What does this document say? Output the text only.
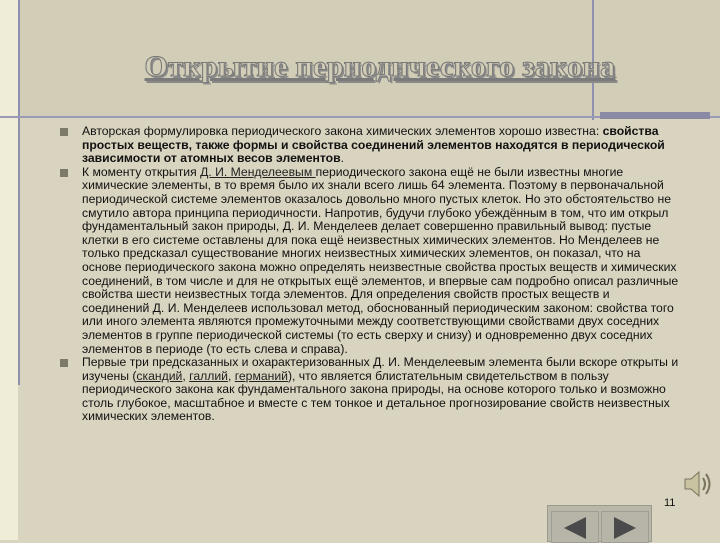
Открытие периодического закона
Авторская формулировка периодического закона химических элементов хорошо известна: свойства простых веществ, также формы и свойства соединений элементов находятся в периодической зависимости от атомных весов элементов.
К моменту открытия Д. И. Менделеевым периодического закона ещё не были известны многие химические элементы, в то время было их знали всего лишь 64 элемента. Поэтому в первоначальной периодической системе элементов оказалось довольно много пустых клеток. Но это обстоятельство не смутило автора принципа периодичности. Напротив, будучи глубоко убеждённым в том, что им открыл фундаментальный закон природы, Д. И. Менделеев делает совершенно правильный вывод: пустые клетки в его системе оставлены для пока ещё неизвестных химических элементов. Но Менделеев не только предсказал существование многих неизвестных химических элементов, он показал, что на основе периодического закона можно определять неизвестные свойства простых веществ и химических соединений, в том числе и для не открытых ещё элементов, и впервые сам подробно описал различные свойства шести неизвестных тогда элементов. Для определения свойств простых веществ и соединений Д. И. Менделеев использовал метод, обоснованный периодическим законом: свойства того или иного элемента являются промежуточными между соответствующими свойствами двух соседних элементов в группе периодической системы (то есть сверху и снизу) и одновременно двух соседних элементов в периоде (то есть слева и справа).
Первые три предсказанных и охарактеризованных Д. И. Менделеевым элемента были вскоре открыты и изучены (скандий, галлий, германий), что является блистательным свидетельством в пользу периодического закона как фундаментального закона природы, на основе которого только и возможно столь глубокое, масштабное и вместе с тем тонкое и детальное прогнозирование свойств неизвестных химических элементов.
11
